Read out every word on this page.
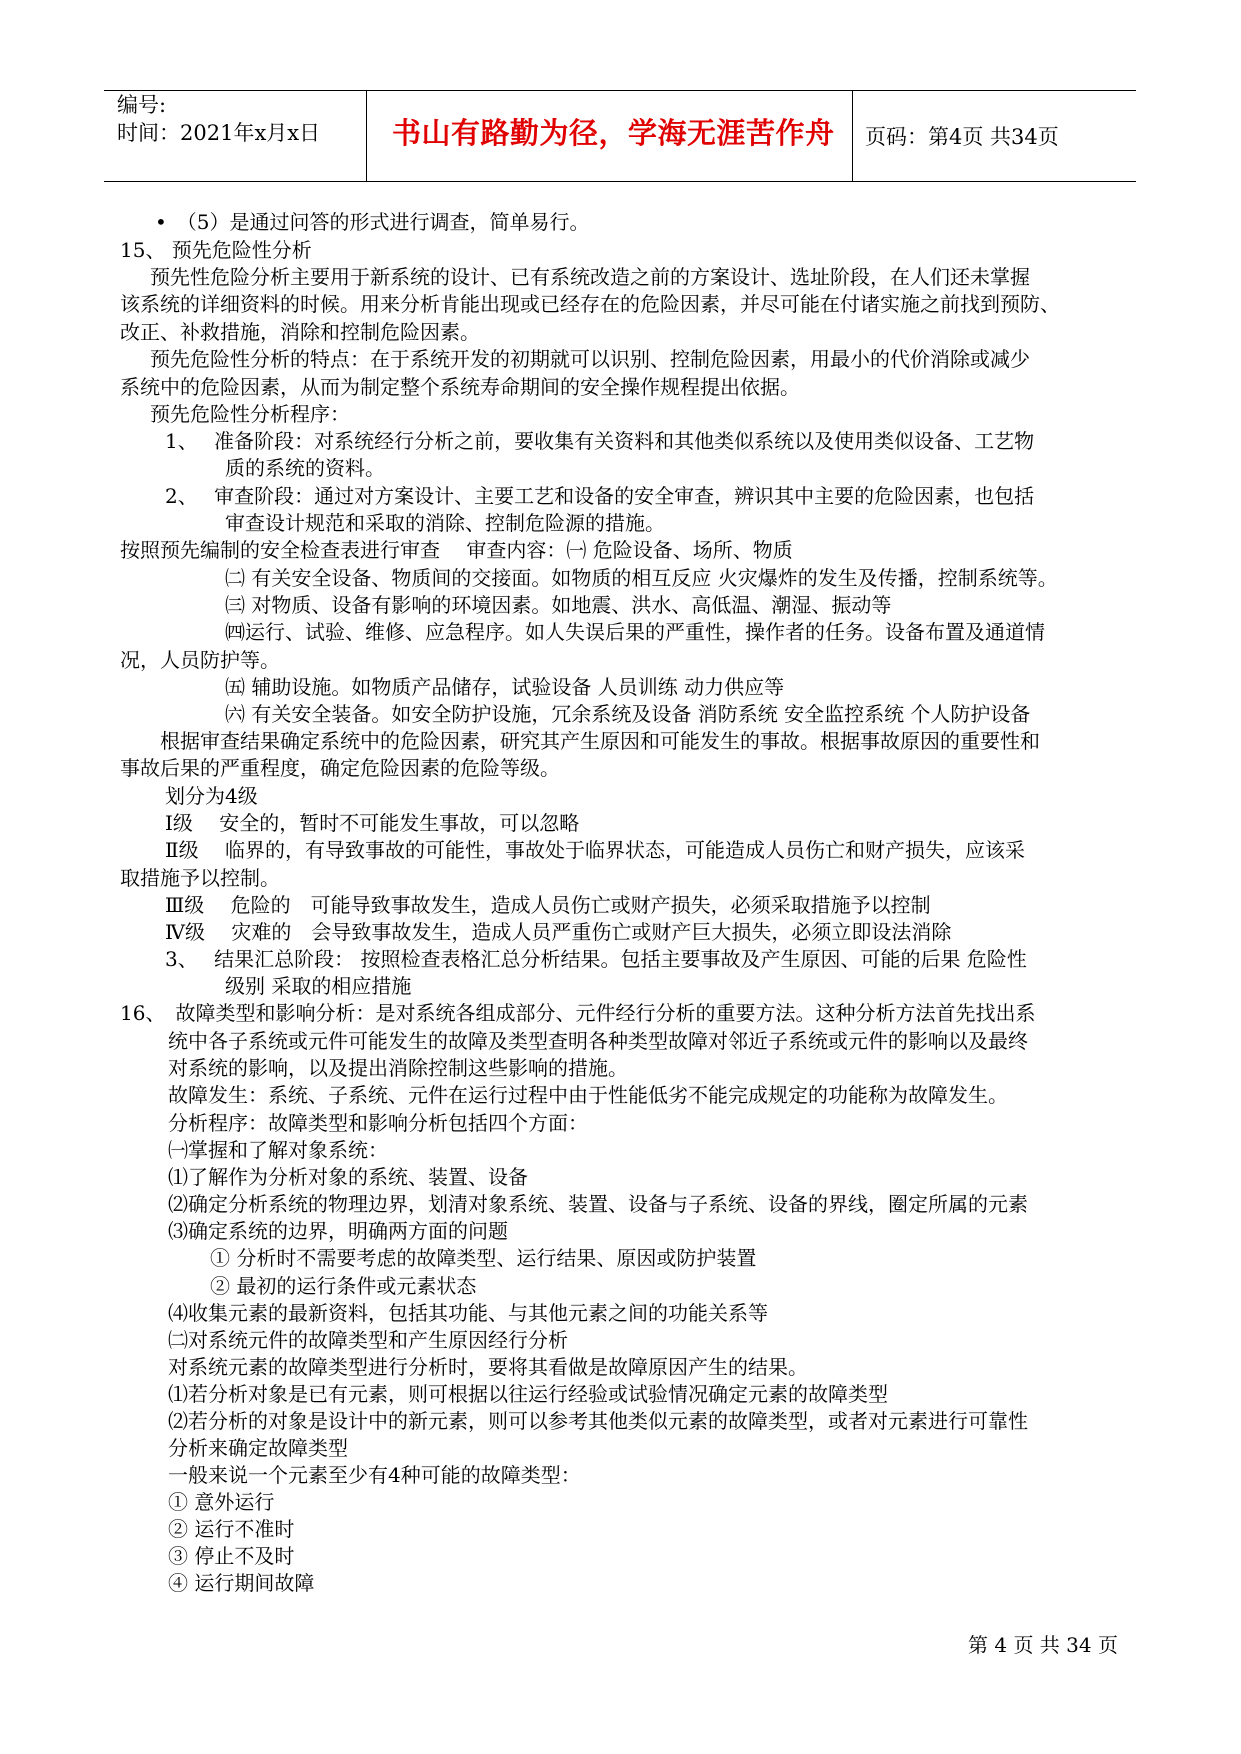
编号:
时间：2021年x月x日 书山有路勤为径，学海无涯苦作舟 页码：第4页 共34页
•　（5）是通过问答的形式进行调查，简单易行。
15、 预先危险性分析
预先性危险分析主要用于新系统的设计、已有系统改造之前的方案设计、选址阶段，在人们还未掌握
该系统的详细资料的时候。用来分析肯能出现或已经存在的危险因素，并尽可能在付诸实施之前找到预防、
改正、补救措施，消除和控制危险因素。
预先危险性分析的特点：在于系统开发的初期就可以识别、控制危险因素，用最小的代价消除或减少
系统中的危险因素，从而为制定整个系统寿命期间的安全操作规程提出依据。
预先危险性分析程序：
1、　 准备阶段：对系统经行分析之前，要收集有关资料和其他类似系统以及使用类似设备、工艺物
质的系统的资料。
2、　 审查阶段：通过对方案设计、主要工艺和设备的安全审查，辨识其中主要的危险因素，也包括
审查设计规范和采取的消除、控制危险源的措施。
按照预先编制的安全检查表进行审查　 审查内容：㈠ 危险设备、场所、物质
㈡ 有关安全设备、物质间的交接面。如物质的相互反应 火灾爆炸的发生及传播，控制系统等。
㈢ 对物质、设备有影响的环境因素。如地震、洪水、高低温、潮湿、振动等
㈣运行、试验、维修、应急程序。如人失误后果的严重性，操作者的任务。设备布置及通道情
况，人员防护等。
㈤ 辅助设施。如物质产品储存，试验设备 人员训练 动力供应等
㈥ 有关安全装备。如安全防护设施，冗余系统及设备 消防系统 安全监控系统 个人防护设备
根据审查结果确定系统中的危险因素，研究其产生原因和可能发生的事故。根据事故原因的重要性和
事故后果的严重程度，确定危险因素的危险等级。
划分为4级
Ⅰ级　 安全的，暂时不可能发生事故，可以忽略
Ⅱ级　 临界的，有导致事故的可能性，事故处于临界状态，可能造成人员伤亡和财产损失，应该采
取措施予以控制。
Ⅲ级　 危险的　可能导致事故发生，造成人员伤亡或财产损失，必须采取措施予以控制
Ⅳ级　 灾难的　会导致事故发生，造成人员严重伤亡或财产巨大损失，必须立即设法消除
3、　 结果汇总阶段： 按照检查表格汇总分析结果。包括主要事故及产生原因、可能的后果 危险性
级别 采取的相应措施
16、　故障类型和影响分析：是对系统各组成部分、元件经行分析的重要方法。这种分析方法首先找出系
统中各子系统或元件可能发生的故障及类型查明各种类型故障对邻近子系统或元件的影响以及最终
对系统的影响，以及提出消除控制这些影响的措施。
故障发生：系统、子系统、元件在运行过程中由于性能低劣不能完成规定的功能称为故障发生。
分析程序：故障类型和影响分析包括四个方面：
㈠掌握和了解对象系统：
⑴了解作为分析对象的系统、装置、设备
⑵确定分析系统的物理边界，划清对象系统、装置、设备与子系统、设备的界线，圈定所属的元素
⑶确定系统的边界，明确两方面的问题
① 分析时不需要考虑的故障类型、运行结果、原因或防护装置
② 最初的运行条件或元素状态
⑷收集元素的最新资料，包括其功能、与其他元素之间的功能关系等
㈡对系统元件的故障类型和产生原因经行分析
对系统元素的故障类型进行分析时，要将其看做是故障原因产生的结果。
⑴若分析对象是已有元素，则可根据以往运行经验或试验情况确定元素的故障类型
⑵若分析的对象是设计中的新元素，则可以参考其他类似元素的故障类型，或者对元素进行可靠性
分析来确定故障类型
一般来说一个元素至少有4种可能的故障类型：
① 意外运行
② 运行不准时
③ 停止不及时
④ 运行期间故障
第 4 页 共 34 页
